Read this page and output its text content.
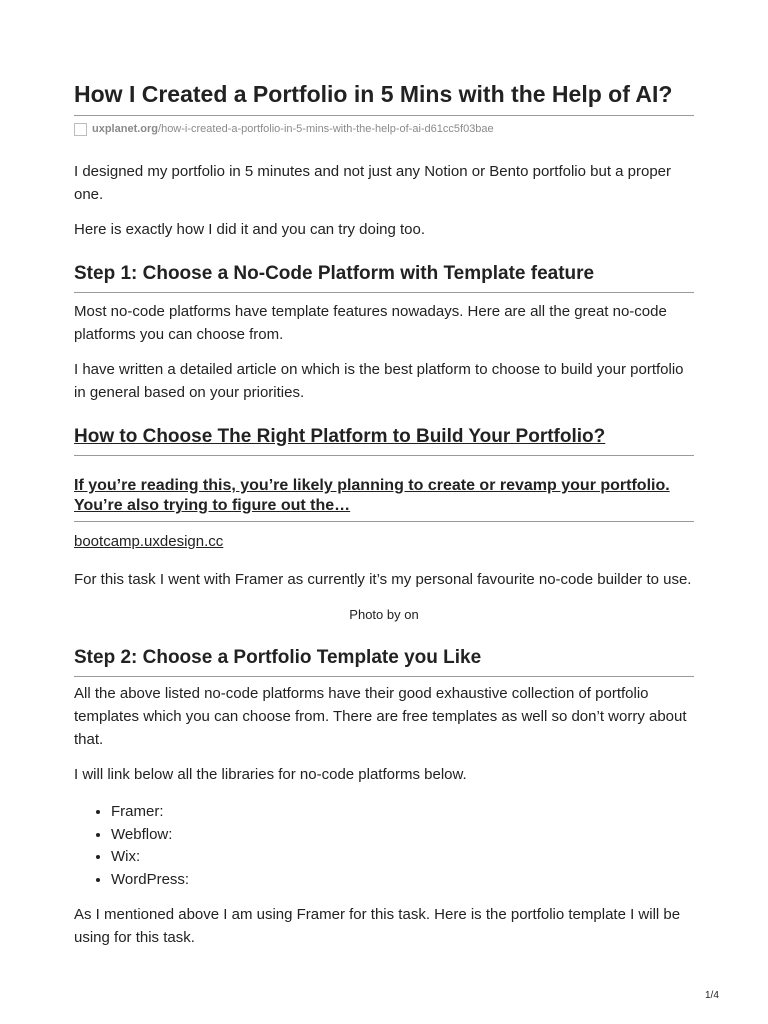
How I Created a Portfolio in 5 Mins with the Help of AI?
uxplanet.org /how-i-created-a-portfolio-in-5-mins-with-the-help-of-ai-d61cc5f03bae

I designed my portfolio in 5 minutes and not just any Notion or Bento portfolio but a proper one.

Here is exactly how I did it and you can try doing too.

Step 1: Choose a No-Code Platform with Template feature

Most no-code platforms have template features nowadays. Here are all the great no-code platforms you can choose from.

I have written a detailed article on which is the best platform to choose to build your portfolio in general based on your priorities.

How to Choose The Right Platform to Build Your Portfolio?
If you’re reading this, you’re likely planning to create or revamp your portfolio. You’re also trying to figure out the…
bootcamp.uxdesign.cc

For this task I went with Framer as currently it’s my personal favourite no-code builder to use.

Photo by on
Step 2: Choose a Portfolio Template you Like

All the above listed no-code platforms have their good exhaustive collection of portfolio templates which you can choose from. There are free templates as well so don’t worry about that.

I will link below all the libraries for no-code platforms below.

• Framer:
• Webflow:
• Wix:
• WordPress:

As I mentioned above I am using Framer for this task. Here is the portfolio template I will be using for this task.

1/4
